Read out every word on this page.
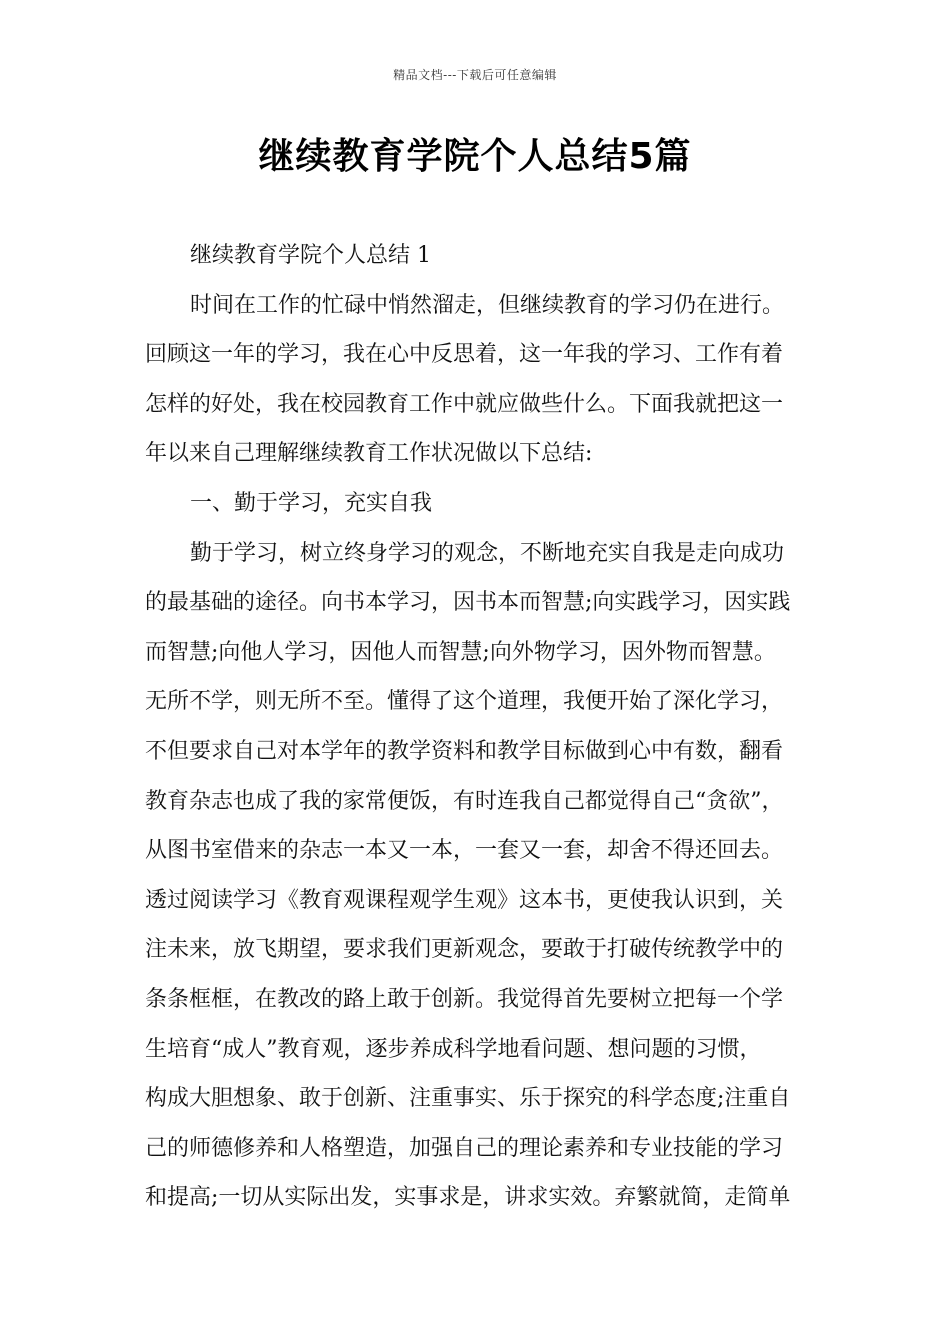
精品文档---下载后可任意编辑
继续教育学院个人总结5篇
继续教育学院个人总结 1
时间在工作的忙碌中悄然溜走，但继续教育的学习仍在进行。
回顾这一年的学习，我在心中反思着，这一年我的学习、工作有着
怎样的好处，我在校园教育工作中就应做些什么。下面我就把这一
年以来自己理解继续教育工作状况做以下总结:
一、勤于学习，充实自我
勤于学习，树立终身学习的观念，不断地充实自我是走向成功
的最基础的途径。向书本学习，因书本而智慧;向实践学习，因实践
而智慧;向他人学习，因他人而智慧;向外物学习，因外物而智慧。
无所不学，则无所不至。懂得了这个道理，我便开始了深化学习，
不但要求自己对本学年的教学资料和教学目标做到心中有数，翻看
教育杂志也成了我的家常便饭，有时连我自己都觉得自己“贪欲”，
从图书室借来的杂志一本又一本，一套又一套，却舍不得还回去。
透过阅读学习《教育观课程观学生观》这本书，更使我认识到，关
注未来，放飞期望，要求我们更新观念，要敢于打破传统教学中的
条条框框，在教改的路上敢于创新。我觉得首先要树立把每一个学
生培育“成人”教育观，逐步养成科学地看问题、想问题的习惯，
构成大胆想象、敢于创新、注重事实、乐于探究的科学态度;注重自
己的师德修养和人格塑造，加强自己的理论素养和专业技能的学习
和提高;一切从实际出发，实事求是，讲求实效。弃繁就简，走简单
